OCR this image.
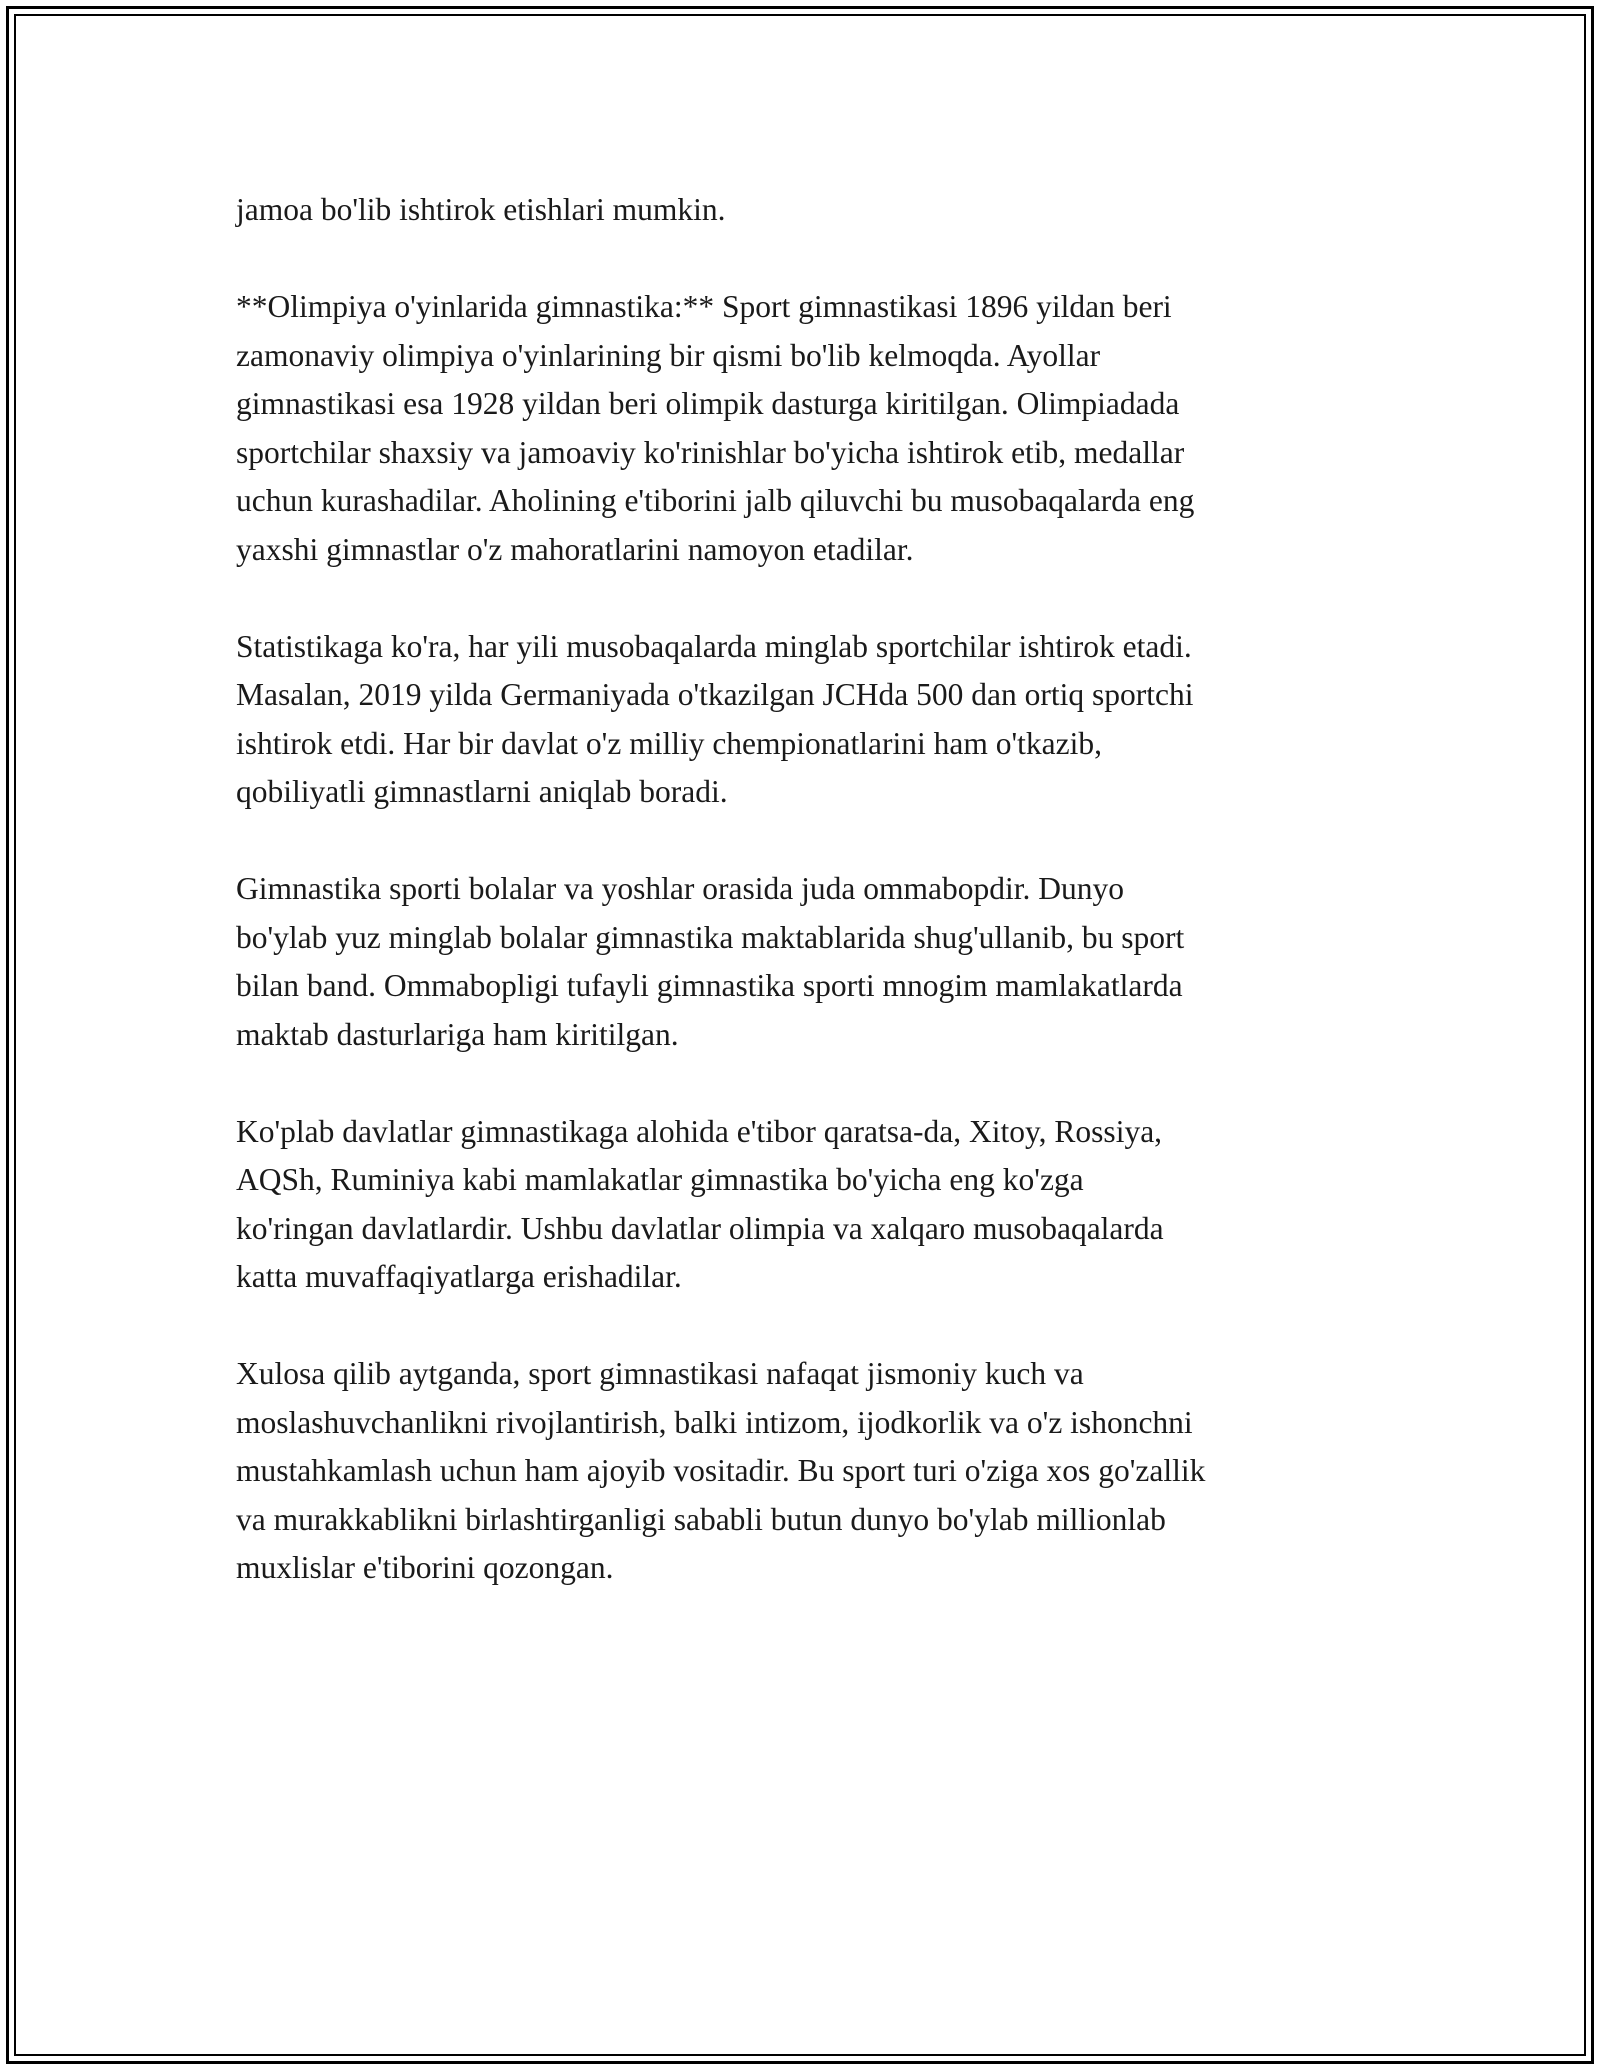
jamoa bo'lib ishtirok etishlari mumkin.

**Olimpiya o'yinlarida gimnastika:** Sport gimnastikasi 1896 yildan beri
zamonaviy olimpiya o'yinlarining bir qismi bo'lib kelmoqda. Ayollar
gimnastikasi esa 1928 yildan beri olimpik dasturga kiritilgan. Olimpiadada
sportchilar shaxsiy va jamoaviy ko'rinishlar bo'yicha ishtirok etib, medallar
uchun kurashadilar. Aholining e'tiborini jalb qiluvchi bu musobaqalarda eng
yaxshi gimnastlar o'z mahoratlarini namoyon etadilar.

Statistikaga ko'ra, har yili musobaqalarda minglab sportchilar ishtirok etadi.
Masalan, 2019 yilda Germaniyada o'tkazilgan JCHda 500 dan ortiq sportchi
ishtirok etdi. Har bir davlat o'z milliy chempionatlarini ham o'tkazib,
qobiliyatli gimnastlarni aniqlab boradi.

Gimnastika sporti bolalar va yoshlar orasida juda ommabopdir. Dunyo
bo'ylab yuz minglab bolalar gimnastika maktablarida shug'ullanib, bu sport
bilan band. Ommabopligi tufayli gimnastika sporti mnogim mamlakatlarda
maktab dasturlariga ham kiritilgan.

Ko'plab davlatlar gimnastikaga alohida e'tibor qaratsa-da, Xitoy, Rossiya,
AQSh, Ruminiya kabi mamlakatlar gimnastika bo'yicha eng ko'zga
ko'ringan davlatlardir. Ushbu davlatlar olimpia va xalqaro musobaqalarda
katta muvaffaqiyatlarga erishadilar.

Xulosa qilib aytganda, sport gimnastikasi nafaqat jismoniy kuch va
moslashuvchanlikni rivojlantirish, balki intizom, ijodkorlik va o'z ishonchni
mustahkamlash uchun ham ajoyib vositadir. Bu sport turi o'ziga xos go'zallik
va murakkablikni birlashtirganligi sababli butun dunyo bo'ylab millionlab
muxlislar e'tiborini qozongan.
